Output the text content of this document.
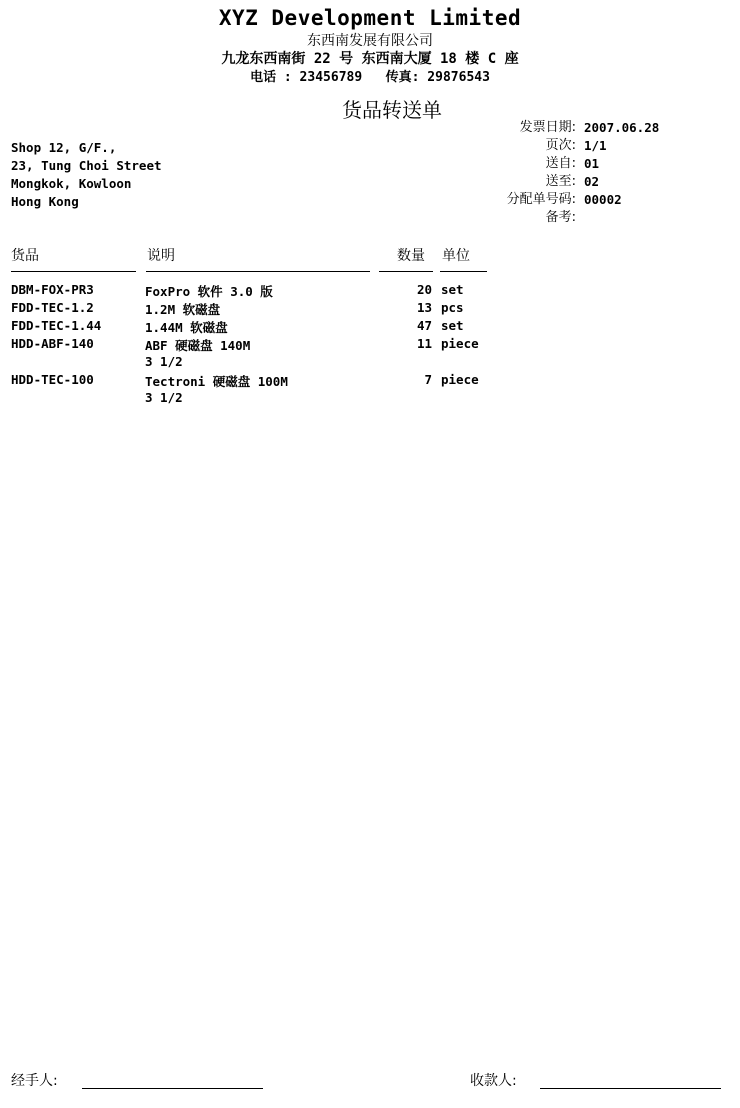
XYZ Development Limited
东西南发展有限公司
九龙东西南街 22 号 东西南大厦 18 楼 C 座
电话 : 23456789   传真: 29876543
货品转送单
Shop 12, G/F.,
23, Tung Choi Street
Mongkok, Kowloon
Hong Kong
发票日期: 2007.06.28
页次: 1/1
送自: 01
送至: 02
分配单号码: 00002
备考:
货品	说明	数量 单位
DBM-FOX-PR3	FoxPro 软件 3.0 版	20 set
FDD-TEC-1.2	1.2M 软磁盘	13 pcs
FDD-TEC-1.44	1.44M 软磁盘	47 set
HDD-ABF-140	ABF 硬磁盘 140M	11 piece
3 1/2
HDD-TEC-100	Tectroni 硬磁盘 100M	7 piece
3 1/2
经手人:	收款人:
